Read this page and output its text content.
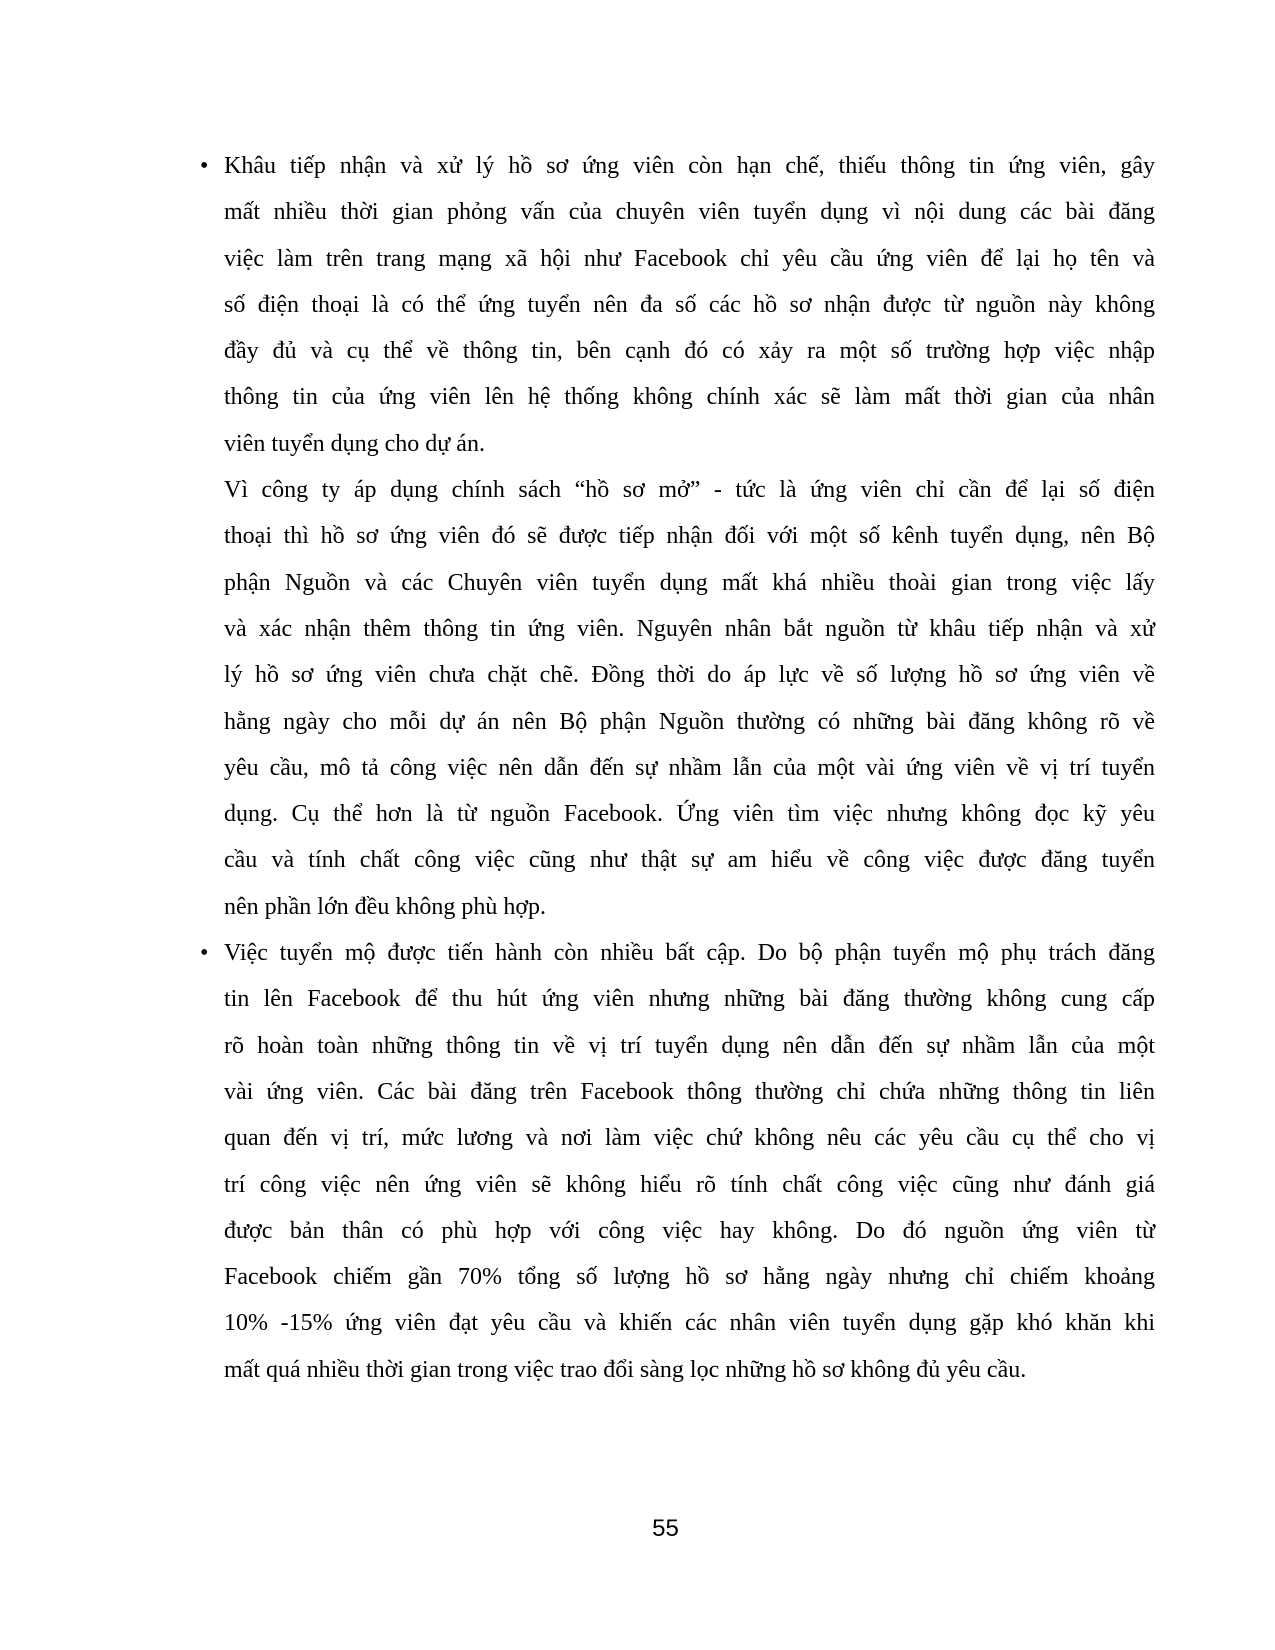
• Khâu tiếp nhận và xử lý hồ sơ ứng viên còn hạn chế, thiếu thông tin ứng viên, gây
mất nhiều thời gian phỏng vấn của chuyên viên tuyển dụng vì nội dung các bài đăng
việc làm trên trang mạng xã hội như Facebook chỉ yêu cầu ứng viên để lại họ tên và
số điện thoại là có thể ứng tuyển nên đa số các hồ sơ nhận được từ nguồn này không
đầy đủ và cụ thể về thông tin, bên cạnh đó có xảy ra một số trường hợp việc nhập
thông tin của ứng viên lên hệ thống không chính xác sẽ làm mất thời gian của nhân
viên tuyển dụng cho dự án.
Vì công ty áp dụng chính sách “hồ sơ mở” - tức là ứng viên chỉ cần để lại số điện
thoại thì hồ sơ ứng viên đó sẽ được tiếp nhận đối với một số kênh tuyển dụng, nên Bộ
phận Nguồn và các Chuyên viên tuyển dụng mất khá nhiều thoài gian trong việc lấy
và xác nhận thêm thông tin ứng viên. Nguyên nhân bắt nguồn từ khâu tiếp nhận và xử
lý hồ sơ ứng viên chưa chặt chẽ. Đồng thời do áp lực về số lượng hồ sơ ứng viên về
hằng ngày cho mỗi dự án nên Bộ phận Nguồn thường có những bài đăng không rõ về
yêu cầu, mô tả công việc nên dẫn đến sự nhầm lẫn của một vài ứng viên về vị trí tuyển
dụng. Cụ thể hơn là từ nguồn Facebook. Ứng viên tìm việc nhưng không đọc kỹ yêu
cầu và tính chất công việc cũng như thật sự am hiểu về công việc được đăng tuyển
nên phần lớn đều không phù hợp.
• Việc tuyển mộ được tiến hành còn nhiều bất cập. Do bộ phận tuyển mộ phụ trách đăng
tin lên Facebook để thu hút ứng viên nhưng những bài đăng thường không cung cấp
rõ hoàn toàn những thông tin về vị trí tuyển dụng nên dẫn đến sự nhầm lẫn của một
vài ứng viên. Các bài đăng trên Facebook thông thường chỉ chứa những thông tin liên
quan đến vị trí, mức lương và nơi làm việc chứ không nêu các yêu cầu cụ thể cho vị
trí công việc nên ứng viên sẽ không hiểu rõ tính chất công việc cũng như đánh giá
được bản thân có phù hợp với công việc hay không. Do đó nguồn ứng viên từ
Facebook chiếm gần 70% tổng số lượng hồ sơ hằng ngày nhưng chỉ chiếm khoảng
10% -15% ứng viên đạt yêu cầu và khiến các nhân viên tuyển dụng gặp khó khăn khi
mất quá nhiều thời gian trong việc trao đổi sàng lọc những hồ sơ không đủ yêu cầu.
55
